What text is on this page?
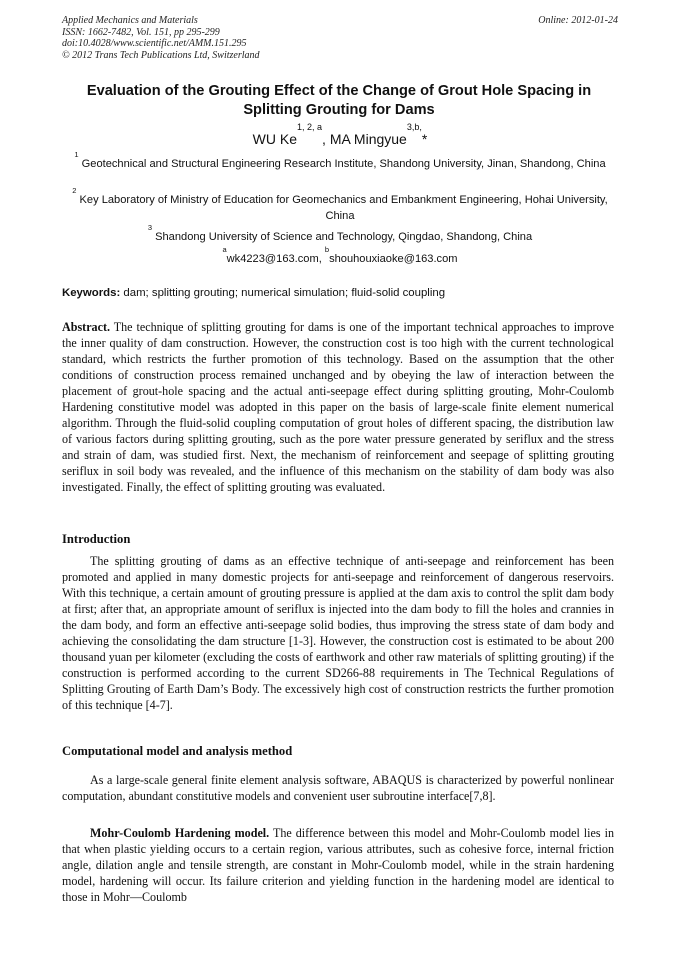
Applied Mechanics and Materials
ISSN: 1662-7482, Vol. 151, pp 295-299
doi:10.4028/www.scientific.net/AMM.151.295
© 2012 Trans Tech Publications Ltd, Switzerland
Online: 2012-01-24
Evaluation of the Grouting Effect of the Change of Grout Hole Spacing in Splitting Grouting for Dams
WU Ke$^{1, 2, a}$, MA Mingyue$^{3,b,}$*
$^1$ Geotechnical and Structural Engineering Research Institute, Shandong University, Jinan, Shandong, China
$^2$ Key Laboratory of Ministry of Education for Geomechanics and Embankment Engineering, Hohai University, China
$^3$ Shandong University of Science and Technology, Qingdao, Shandong, China
$^a$wk4223@163.com, $^b$shouhouxiaoke@163.com
Keywords: dam; splitting grouting; numerical simulation; fluid-solid coupling
Abstract. The technique of splitting grouting for dams is one of the important technical approaches to improve the inner quality of dam construction. However, the construction cost is too high with the current technological standard, which restricts the further promotion of this technology. Based on the assumption that the other conditions of construction process remained unchanged and by obeying the law of interaction between the placement of grout-hole spacing and the actual anti-seepage effect during splitting grouting, Mohr-Coulomb Hardening constitutive model was adopted in this paper on the basis of large-scale finite element numerical algorithm. Through the fluid-solid coupling computation of grout holes of different spacing, the distribution law of various factors during splitting grouting, such as the pore water pressure generated by seriflux and the stress and strain of dam, was studied first. Next, the mechanism of reinforcement and seepage of splitting grouting seriflux in soil body was revealed, and the influence of this mechanism on the stability of dam body was also investigated. Finally, the effect of splitting grouting was evaluated.
Introduction
The splitting grouting of dams as an effective technique of anti-seepage and reinforcement has been promoted and applied in many domestic projects for anti-seepage and reinforcement of dangerous reservoirs. With this technique, a certain amount of grouting pressure is applied at the dam axis to control the split dam body at first; after that, an appropriate amount of seriflux is injected into the dam body to fill the holes and crannies in the dam body, and form an effective anti-seepage solid bodies, thus improving the stress state of dam body and achieving the consolidating the dam structure [1-3]. However, the construction cost is estimated to be about 200 thousand yuan per kilometer (excluding the costs of earthwork and other raw materials of splitting grouting) if the construction is performed according to the current SD266-88 requirements in The Technical Regulations of Splitting Grouting of Earth Dam’s Body. The excessively high cost of construction restricts the further promotion of this technique [4-7].
Computational model and analysis method
As a large-scale general finite element analysis software, ABAQUS is characterized by powerful nonlinear computation, abundant constitutive models and convenient user subroutine interface[7,8].
Mohr-Coulomb Hardening model. The difference between this model and Mohr-Coulomb model lies in that when plastic yielding occurs to a certain region, various attributes, such as cohesive force, internal friction angle, dilation angle and tensile strength, are constant in Mohr-Coulomb model, while in the strain hardening model, hardening will occur. Its failure criterion and yielding function in the hardening model are identical to those in Mohr—Coulomb
